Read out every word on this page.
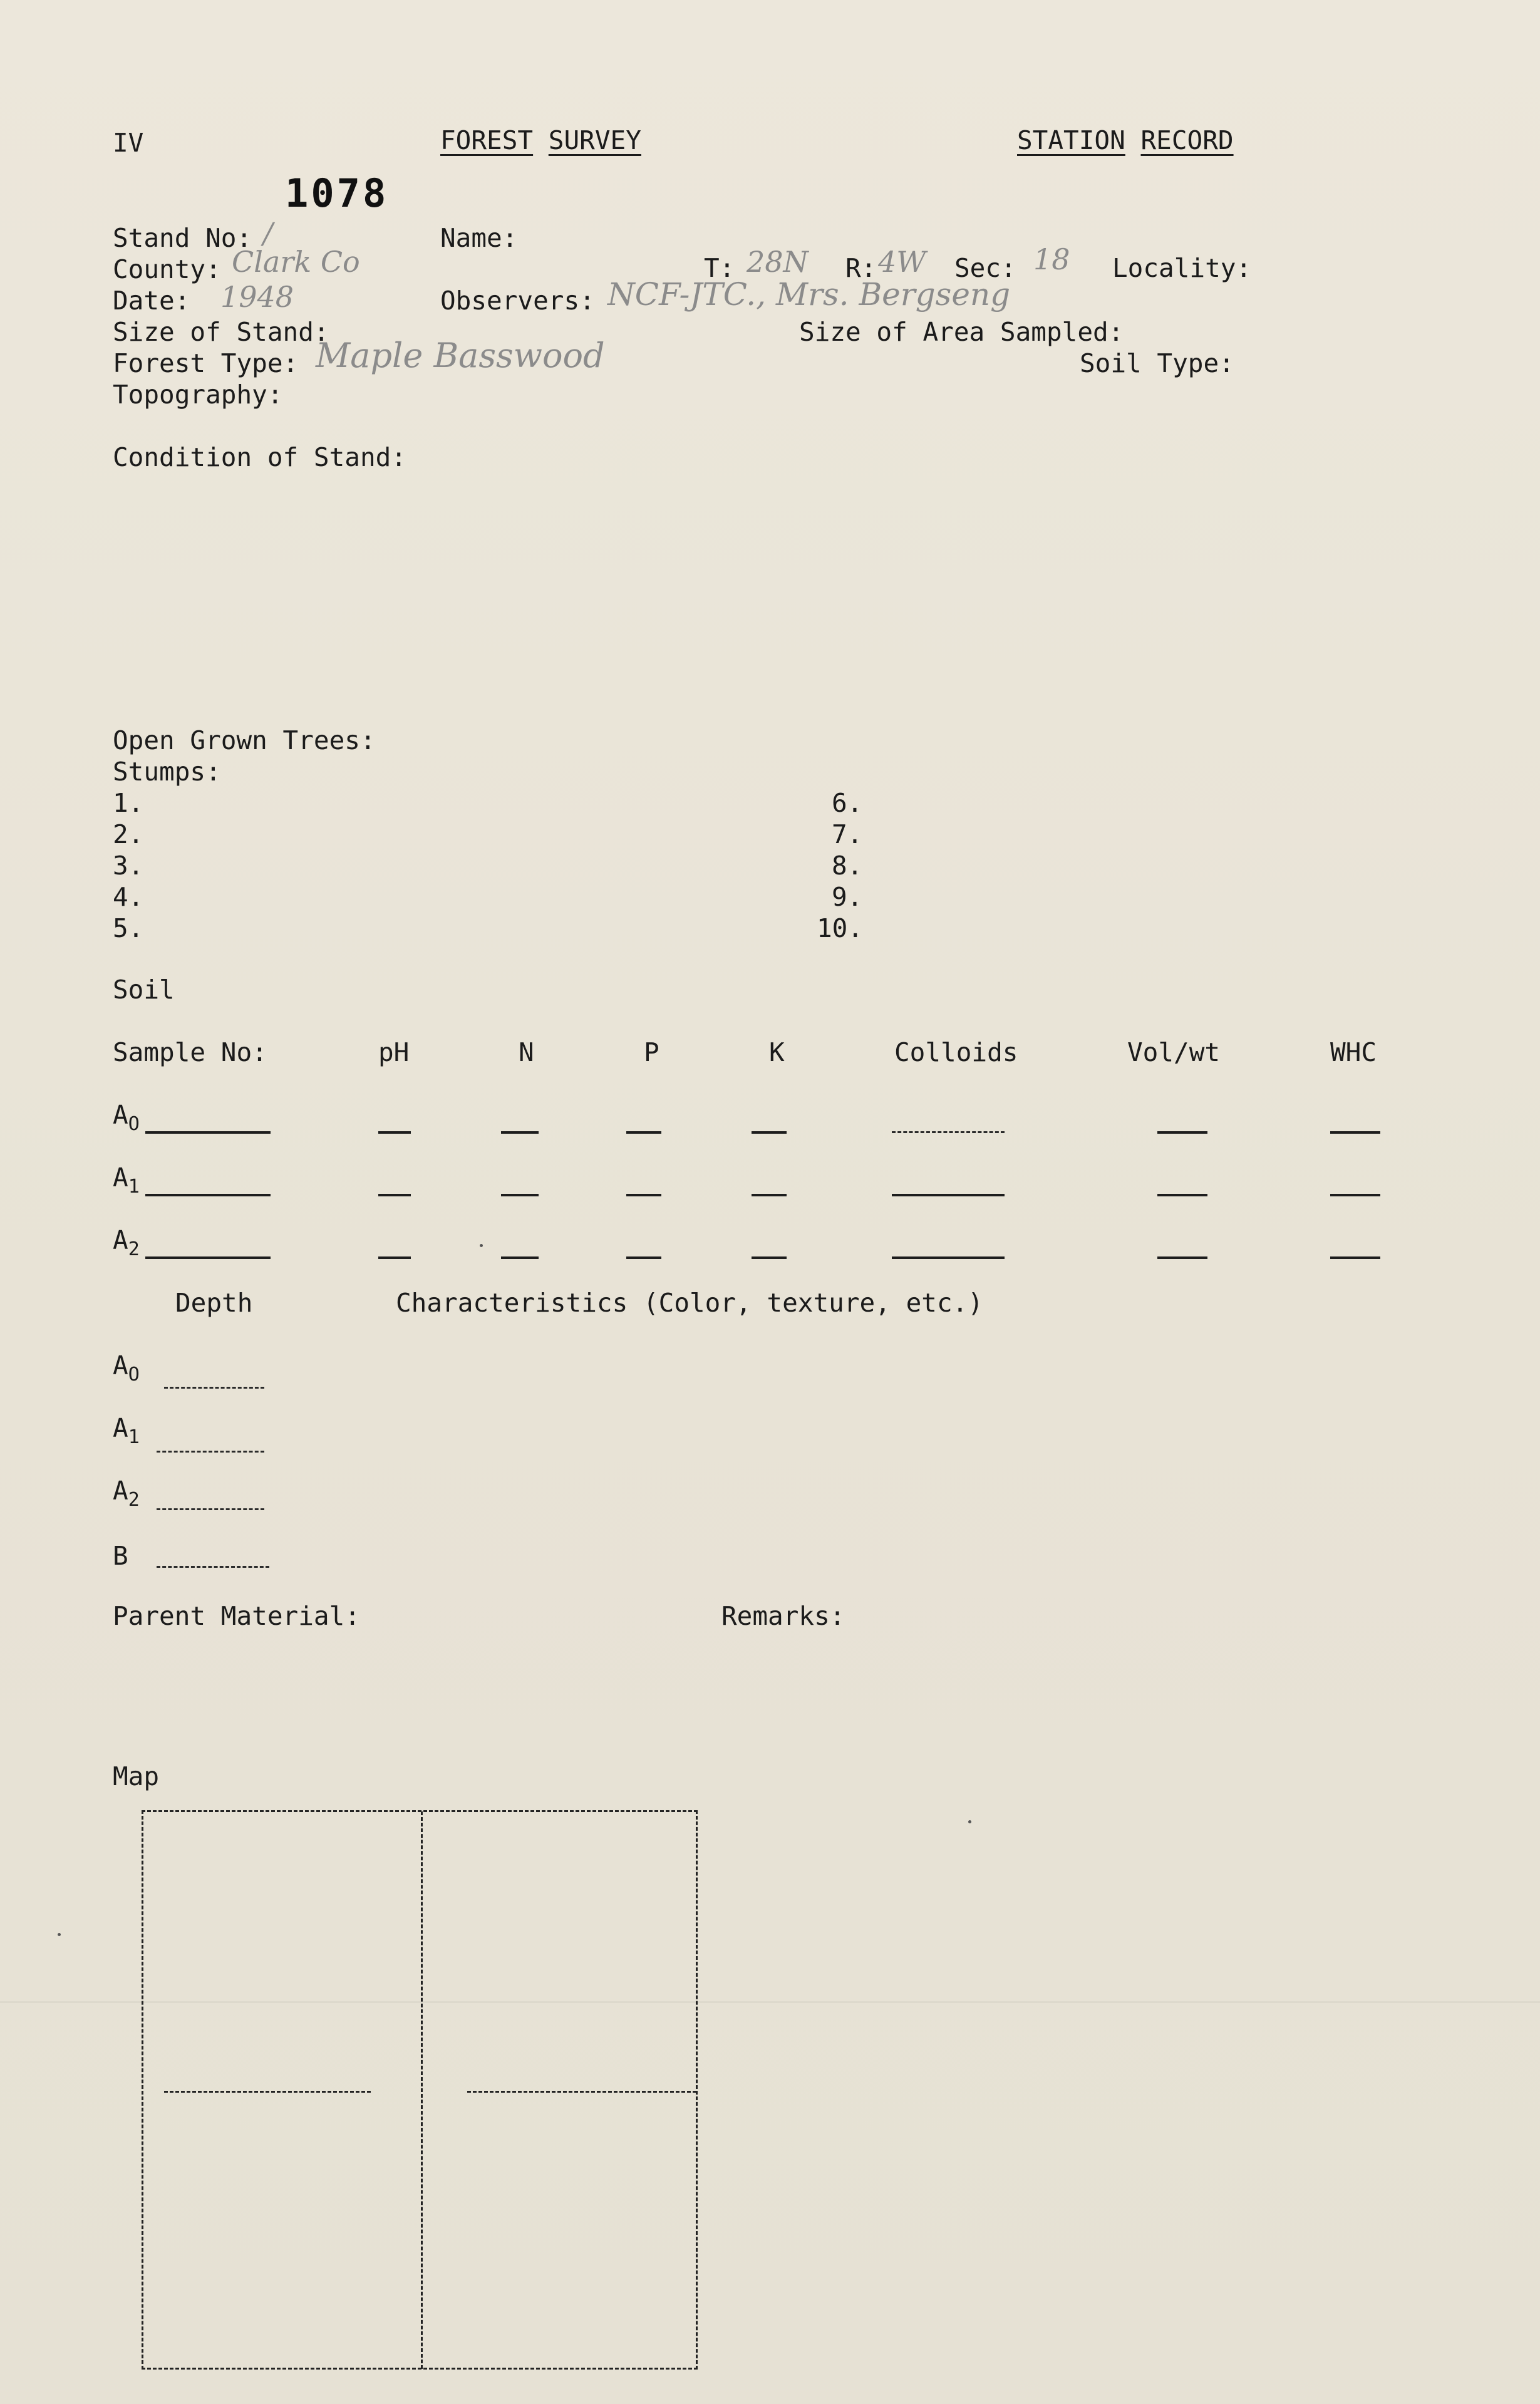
IV	FOREST SURVEY	STATION RECORD
1078
Stand No: /	Name:
County: Clark Co	T: 28N R: 4W Sec: 18 Locality:
Date: 1948	Observers: NCF-JTC., Mrs. Bergseng
Size of Stand:	Size of Area Sampled:
Forest Type: Maple Basswood	Soil Type:
Topography:
Condition of Stand:
Open Grown Trees:
Stumps:
1.
2.
3.
4.
5.
6.
7.
8.
9.
10.
Soil
Sample No:	pH	N	P	K	Colloids	Vol/wt	WHC
$A_O$
$A_1$
$A_2$
Depth	Characteristics (Color, texture, etc.)
$A_O$
$A_1$
$A_2$
B
Parent Material:	Remarks:
Map
